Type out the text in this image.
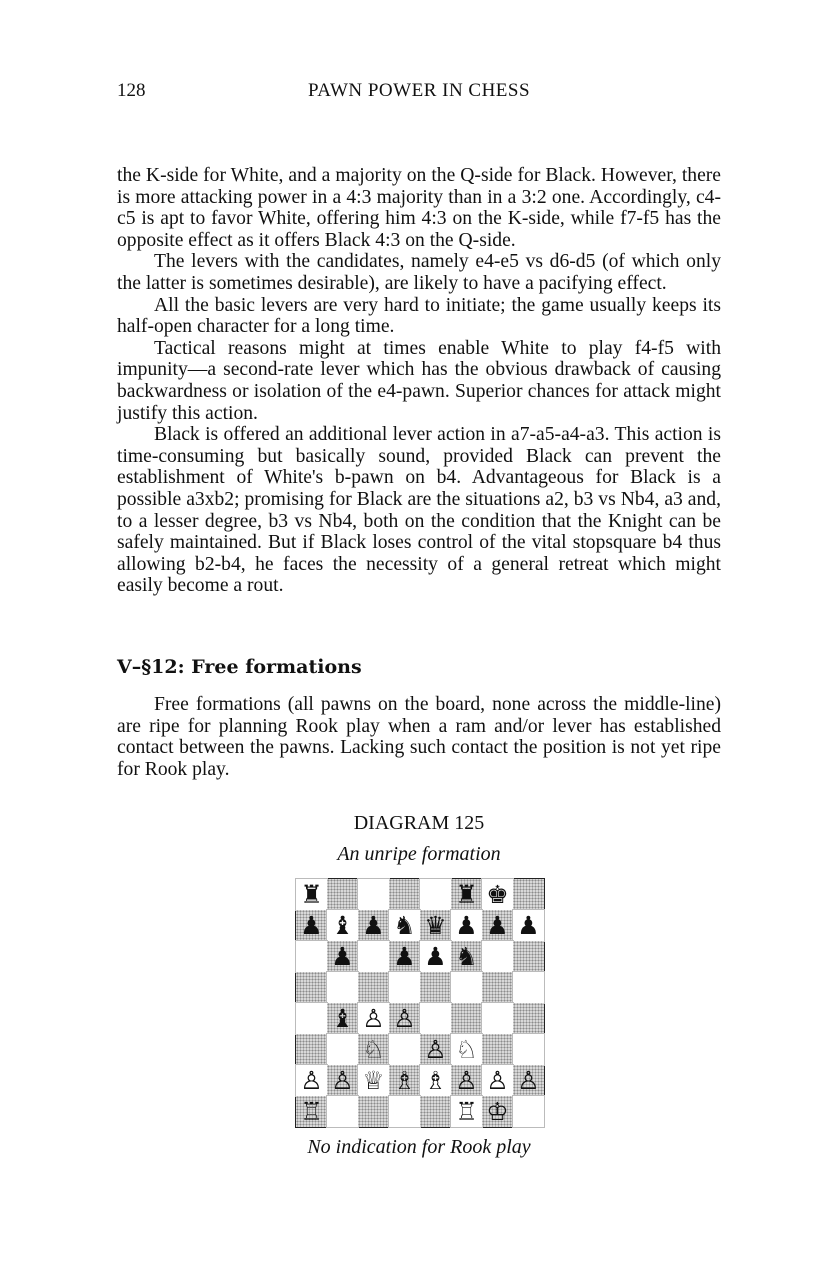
128	PAWN POWER IN CHESS

the K-side for White, and a majority on the Q-side for Black. However, there is more attacking power in a 4:3 majority than in a 3:2 one. Accordingly, c4-c5 is apt to favor White, offering him 4:3 on the K-side, while f7-f5 has the opposite effect as it offers Black 4:3 on the Q-side.

The levers with the candidates, namely e4-e5 vs d6-d5 (of which only the latter is sometimes desirable), are likely to have a pacifying effect.

All the basic levers are very hard to initiate; the game usually keeps its half-open character for a long time.

Tactical reasons might at times enable White to play f4-f5 with impunity—a second-rate lever which has the obvious drawback of causing backwardness or isolation of the e4-pawn. Superior chances for attack might justify this action.

Black is offered an additional lever action in a7-a5-a4-a3. This action is time-consuming but basically sound, provided Black can prevent the establishment of White's b-pawn on b4. Advantageous for Black is a possible a3xb2; promising for Black are the situations a2, b3 vs Nb4, a3 and, to a lesser degree, b3 vs Nb4, both on the condition that the Knight can be safely maintained. But if Black loses control of the vital stopsquare b4 thus allowing b2-b4, he faces the necessity of a general retreat which might easily become a rout.

V–§12: Free formations

Free formations (all pawns on the board, none across the middle-line) are ripe for planning Rook play when a ram and/or lever has established contact between the pawns. Lacking such contact the position is not yet ripe for Rook play.

DIAGRAM 125
An unripe formation
♜	♜ ♚
♟ ♝ ♟ ♞ ♛ ♟ ♟ ♟
♟ ♟ ♟ ♞
♝ ♙ ♙
♘ ♙ ♘
♙ ♙ ♕ ♗ ♗ ♙ ♙ ♙
♖	♖ ♔
No indication for Rook play
